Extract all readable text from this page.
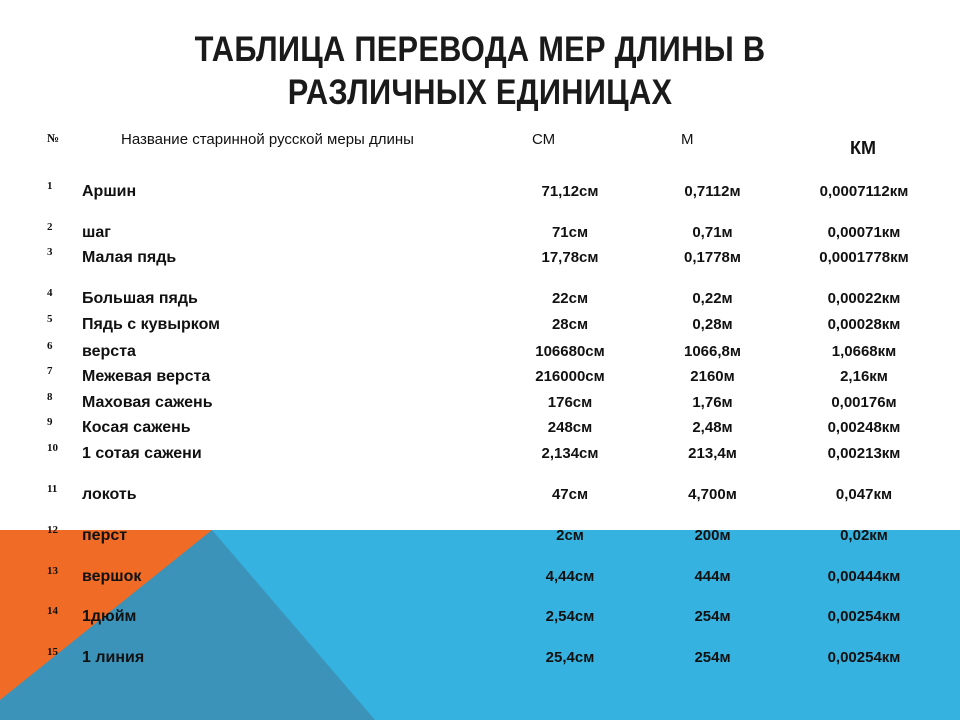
ТАБЛИЦА ПЕРЕВОДА МЕР ДЛИНЫ В РАЗЛИЧНЫХ ЕДИНИЦАХ
№	Название старинной русской меры длины	СМ	М	КМ
1 Аршин	71,12см	0,7112м	0,0007112км
2 шаг	71см	0,71м	0,00071км
3 Малая пядь	17,78см	0,1778м	0,0001778км
4 Большая пядь	22см	0,22м	0,00022км
5 Пядь с кувырком	28см	0,28м	0,00028км
6 верста	106680см	1066,8м	1,0668км
7 Межевая верста	216000см	2160м	2,16км
8 Маховая сажень	176см	1,76м	0,00176м
9 Косая сажень	248см	2,48м	0,00248км
10 1 сотая сажени	2,134см	213,4м	0,00213км
11 локоть	47см	4,700м	0,047км
12 перст	2см	200м	0,02км
13 вершок	4,44см	444м	0,00444км
14 1дюйм	2,54см	254м	0,00254км
15 1 линия	25,4см	254м	0,00254км
